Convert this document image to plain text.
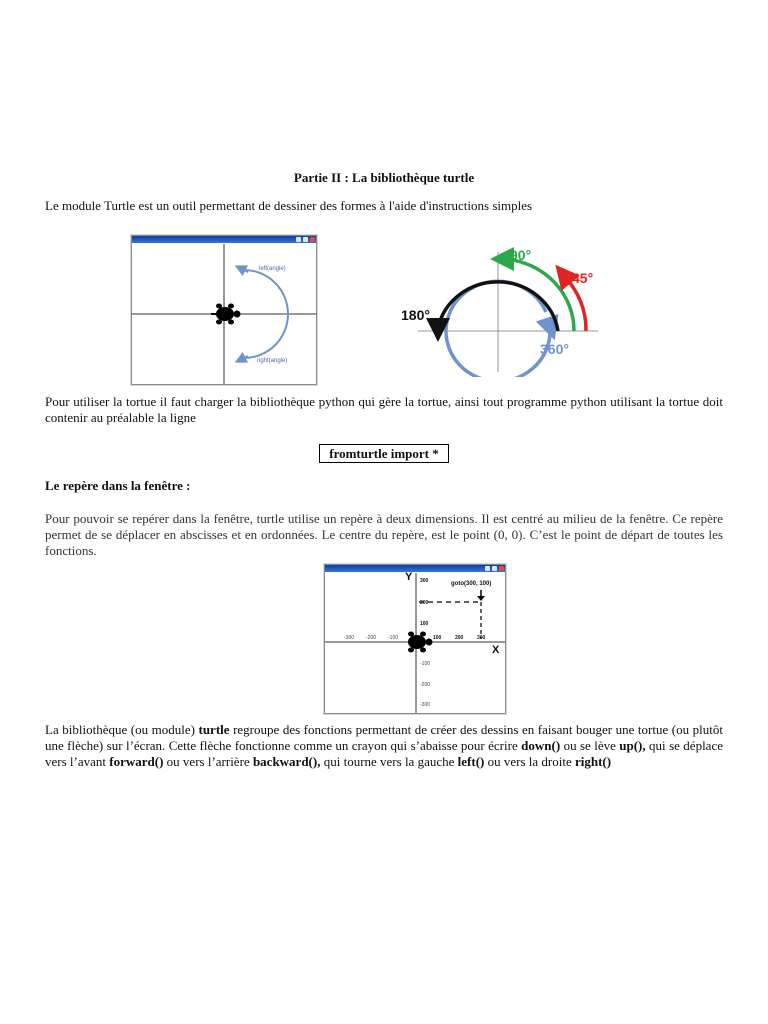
Partie II : La bibliothèque turtle
Le module Turtle est un outil permettant de dessiner des formes à l'aide d'instructions simples
left(angle)
right(angle)
90°
45°
180°
360°
Pour utiliser la tortue il faut charger la bibliothèque python qui gère la tortue, ainsi tout programme python utilisant la tortue doit contenir au préalable la ligne
fromturtle import *
Le repère dans la fenêtre :
Pour pouvoir se repérer dans la fenêtre, turtle utilise un repère à deux dimensions. Il est centré au milieu de la fenêtre. Ce repère permet de se déplacer en abscisses et en ordonnées. Le centre du repère, est le point (0, 0). C’est le point de départ de toutes les fonctions.
Y
X
goto(300, 100)
-300 -200 -100	100	200	300
300
200
100
-100
-200
-300
La bibliothèque (ou module) turtle regroupe des fonctions permettant de créer des dessins en faisant bouger une tortue (ou plutôt une flèche) sur l’écran. Cette flèche fonctionne comme un crayon qui s’abaisse pour écrire down() ou se lève up(), qui se déplace vers l’avant forward() ou vers l’arrière backward(), qui tourne vers la gauche left() ou vers la droite right()
